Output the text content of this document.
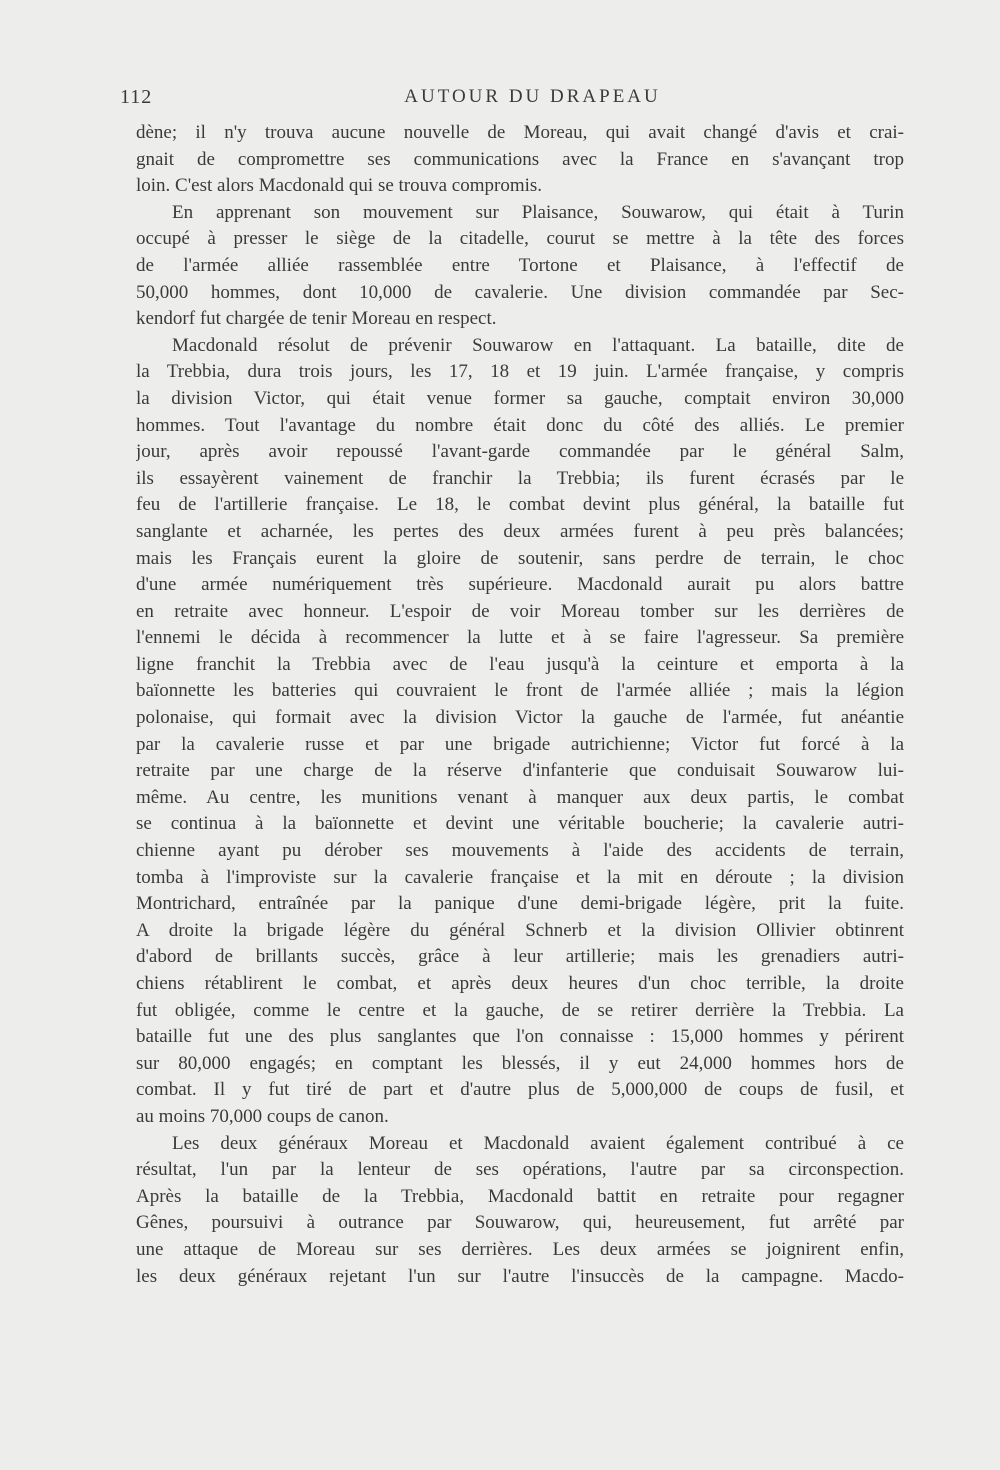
112	AUTOUR DU DRAPEAU
dène; il n'y trouva aucune nouvelle de Moreau, qui avait changé d'avis et crai-
gnait de compromettre ses communications avec la France en s'avançant trop
loin. C'est alors Macdonald qui se trouva compromis.
En apprenant son mouvement sur Plaisance, Souwarow, qui était à Turin
occupé à presser le siège de la citadelle, courut se mettre à la tête des forces
de l'armée alliée rassemblée entre Tortone et Plaisance, à l'effectif de
50,000 hommes, dont 10,000 de cavalerie. Une division commandée par Sec-
kendorf fut chargée de tenir Moreau en respect.
Macdonald résolut de prévenir Souwarow en l'attaquant. La bataille, dite de
la Trebbia, dura trois jours, les 17, 18 et 19 juin. L'armée française, y compris
la division Victor, qui était venue former sa gauche, comptait environ 30,000
hommes. Tout l'avantage du nombre était donc du côté des alliés. Le premier
jour, après avoir repoussé l'avant-garde commandée par le général Salm,
ils essayèrent vainement de franchir la Trebbia; ils furent écrasés par le
feu de l'artillerie française. Le 18, le combat devint plus général, la bataille fut
sanglante et acharnée, les pertes des deux armées furent à peu près balancées;
mais les Français eurent la gloire de soutenir, sans perdre de terrain, le choc
d'une armée numériquement très supérieure. Macdonald aurait pu alors battre
en retraite avec honneur. L'espoir de voir Moreau tomber sur les derrières de
l'ennemi le décida à recommencer la lutte et à se faire l'agresseur. Sa première
ligne franchit la Trebbia avec de l'eau jusqu'à la ceinture et emporta à la
baïonnette les batteries qui couvraient le front de l'armée alliée ; mais la légion
polonaise, qui formait avec la division Victor la gauche de l'armée, fut anéantie
par la cavalerie russe et par une brigade autrichienne; Victor fut forcé à la
retraite par une charge de la réserve d'infanterie que conduisait Souwarow lui-
même. Au centre, les munitions venant à manquer aux deux partis, le combat
se continua à la baïonnette et devint une véritable boucherie; la cavalerie autri-
chienne ayant pu dérober ses mouvements à l'aide des accidents de terrain,
tomba à l'improviste sur la cavalerie française et la mit en déroute ; la division
Montrichard, entraînée par la panique d'une demi-brigade légère, prit la fuite.
A droite la brigade légère du général Schnerb et la division Ollivier obtinrent
d'abord de brillants succès, grâce à leur artillerie; mais les grenadiers autri-
chiens rétablirent le combat, et après deux heures d'un choc terrible, la droite
fut obligée, comme le centre et la gauche, de se retirer derrière la Trebbia. La
bataille fut une des plus sanglantes que l'on connaisse : 15,000 hommes y périrent
sur 80,000 engagés; en comptant les blessés, il y eut 24,000 hommes hors de
combat. Il y fut tiré de part et d'autre plus de 5,000,000 de coups de fusil, et
au moins 70,000 coups de canon.
Les deux généraux Moreau et Macdonald avaient également contribué à ce
résultat, l'un par la lenteur de ses opérations, l'autre par sa circonspection.
Après la bataille de la Trebbia, Macdonald battit en retraite pour regagner
Gênes, poursuivi à outrance par Souwarow, qui, heureusement, fut arrêté par
une attaque de Moreau sur ses derrières. Les deux armées se joignirent enfin,
les deux généraux rejetant l'un sur l'autre l'insuccès de la campagne. Macdo-
